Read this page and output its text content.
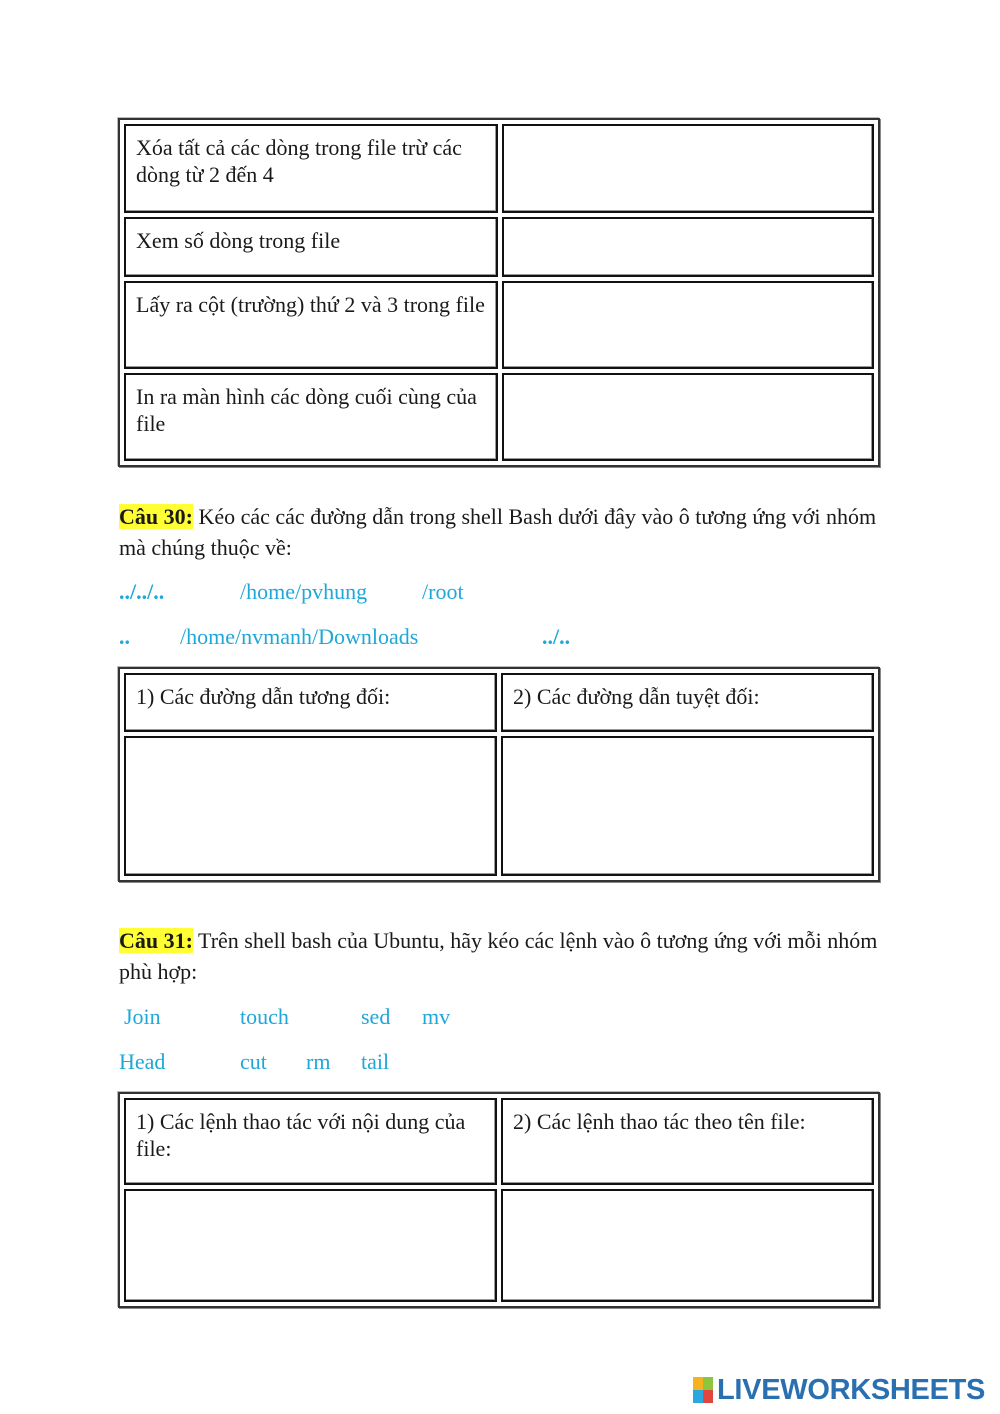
Xóa tất cả các dòng trong file trừ các dòng từ 2 đến 4	
Xem số dòng trong file	
Lấy ra cột (trường) thứ 2 và 3 trong file	
In ra màn hình các dòng cuối cùng của file	
Câu 30: Kéo các các đường dẫn trong shell Bash dưới đây vào ô tương ứng với nhóm mà chúng thuộc về:
../../..	/home/pvhung /root
.. /home/nvmanh/Downloads	../..
1) Các đường dẫn tương đối:	2) Các đường dẫn tuyệt đối:

Câu 31: Trên shell bash của Ubuntu, hãy kéo các lệnh vào ô tương ứng với mỗi nhóm phù hợp:
Join	touch	sed mv
Head	cut rm tail
1) Các lệnh thao tác với nội dung của file:	2) Các lệnh thao tác theo tên file:

LIVEWORKSHEETS
